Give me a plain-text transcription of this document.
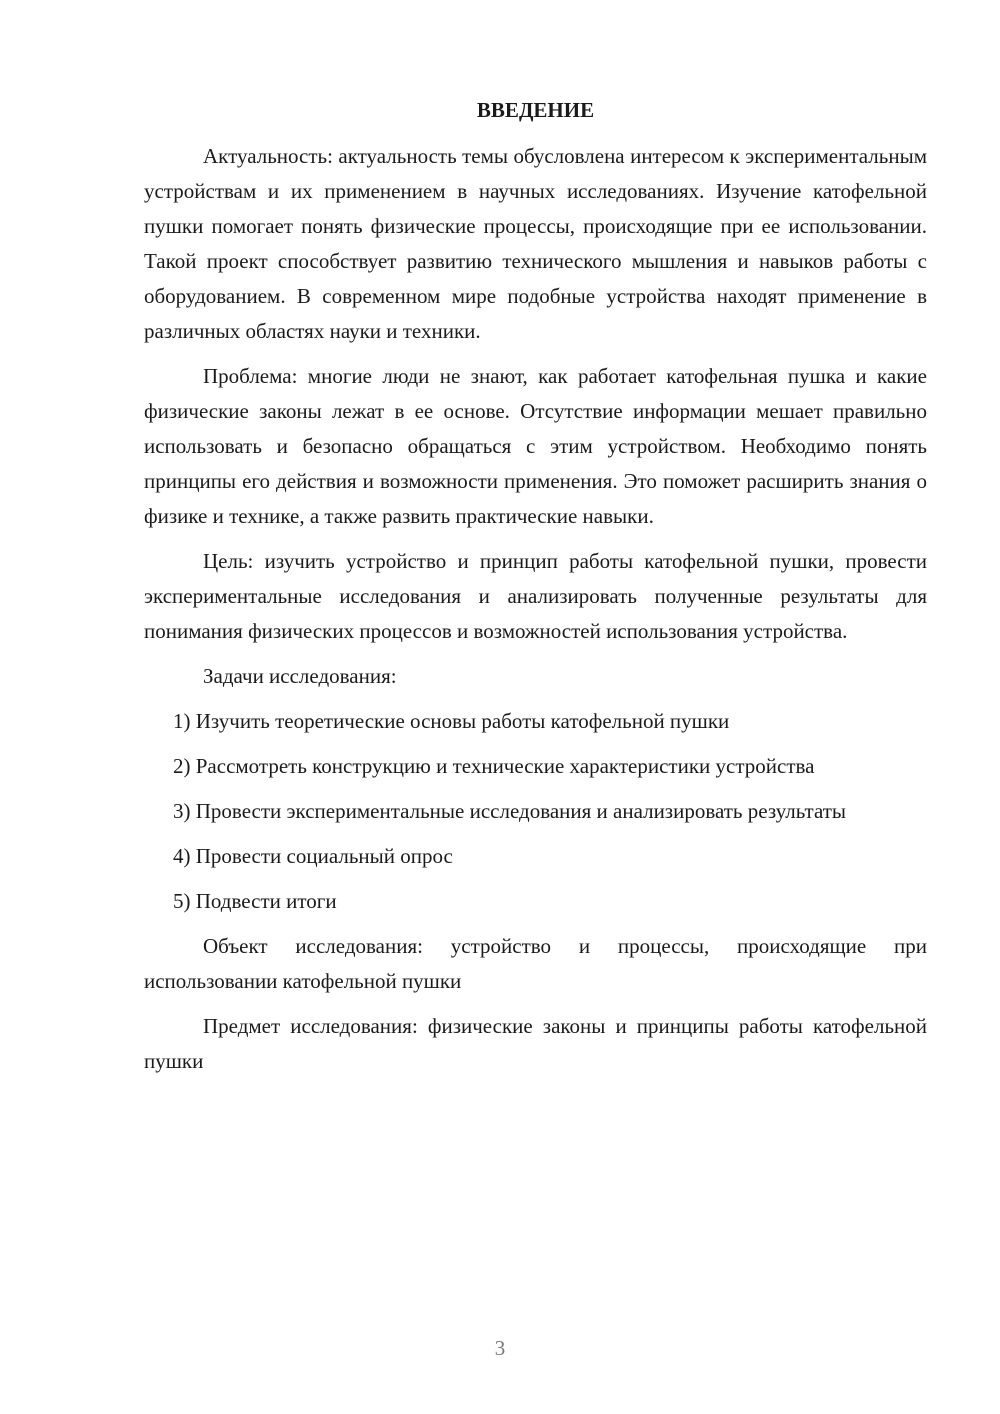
ВВЕДЕНИЕ

Актуальность: актуальность темы обусловлена интересом к экспериментальным устройствам и их применением в научных исследованиях. Изучение катофельной пушки помогает понять физические процессы, происходящие при ее использовании. Такой проект способствует развитию технического мышления и навыков работы с оборудованием. В современном мире подобные устройства находят применение в различных областях науки и техники.

Проблема: многие люди не знают, как работает катофельная пушка и какие физические законы лежат в ее основе. Отсутствие информации мешает правильно использовать и безопасно обращаться с этим устройством. Необходимо понять принципы его действия и возможности применения. Это поможет расширить знания о физике и технике, а также развить практические навыки.

Цель: изучить устройство и принцип работы катофельной пушки, провести экспериментальные исследования и анализировать полученные результаты для понимания физических процессов и возможностей использования устройства.

Задачи исследования:

1) Изучить теоретические основы работы катофельной пушки

2) Рассмотреть конструкцию и технические характеристики устройства

3) Провести экспериментальные исследования и анализировать результаты

4) Провести социальный опрос

5) Подвести итоги

Объект исследования: устройство и процессы, происходящие при использовании катофельной пушки

Предмет исследования: физические законы и принципы работы катофельной пушки

3
